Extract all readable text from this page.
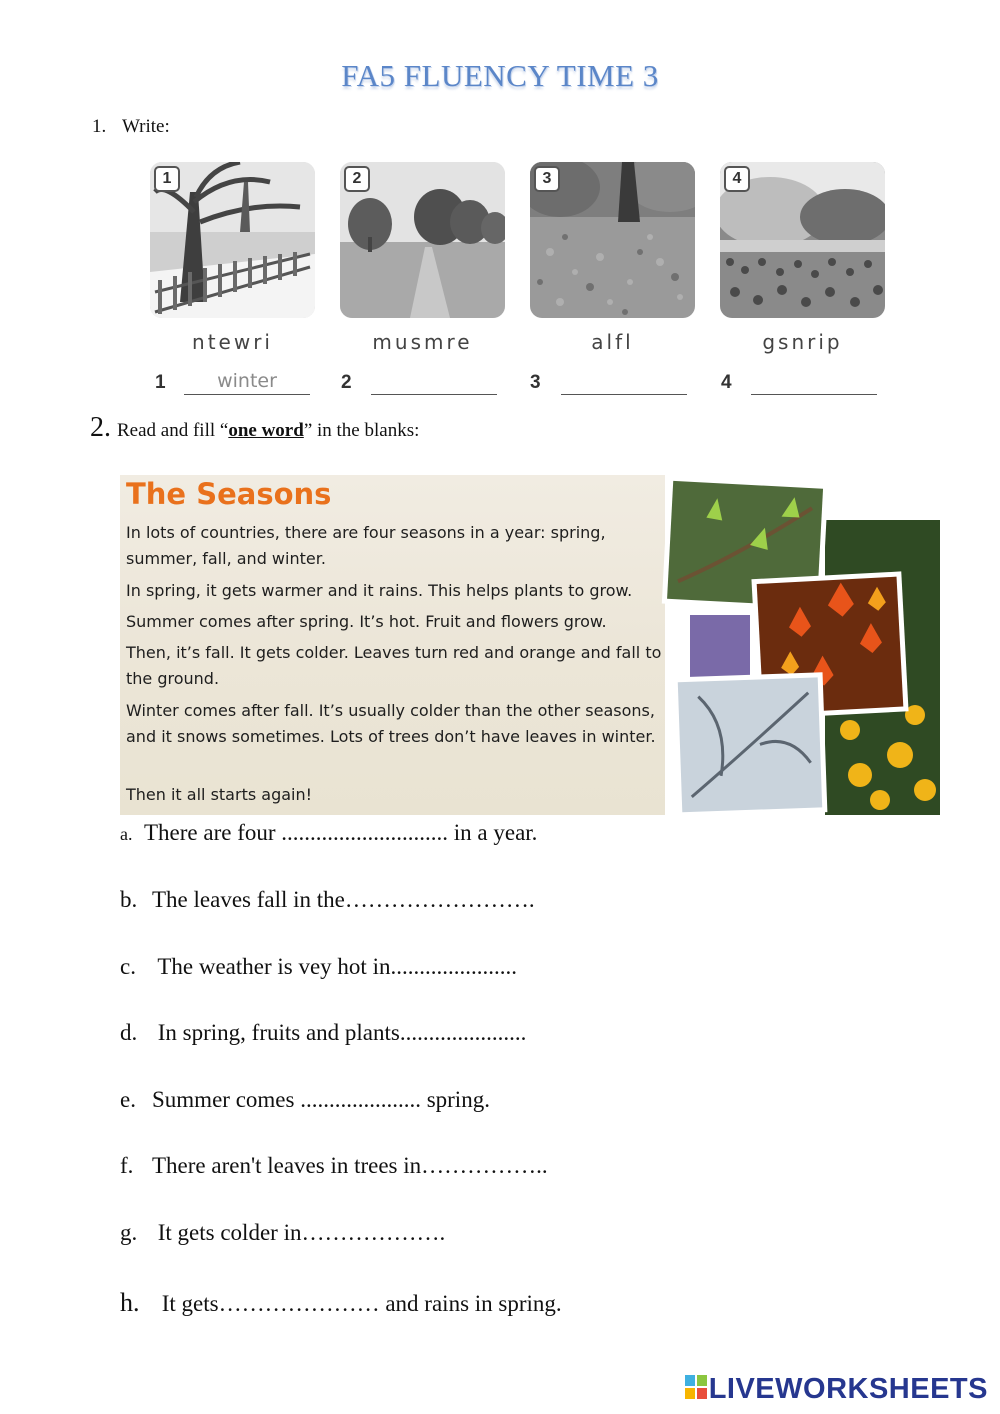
FA5 FLUENCY TIME 3
1. Write:
1	2	3	4
ntewri	musmre	alfl	gsnrip
1	winter	2	3	4
2. Read and fill “one word” in the blanks:
The Seasons

In lots of countries, there are four seasons in a year: spring, summer, fall, and winter.

In spring, it gets warmer and it rains. This helps plants to grow.

Summer comes after spring. It’s hot. Fruit and flowers grow.

Then, it’s fall. It gets colder. Leaves turn red and orange and fall to the ground.

Winter comes after fall. It’s usually colder than the other seasons, and it snows sometimes. Lots of trees don’t have leaves in winter.

Then it all starts again!

a. There are four ............................. in a year.
b. The leaves fall in the…………………….
c. The weather is vey hot in......................
d. In spring, fruits and plants......................
e. Summer comes ..................... spring.
f. There aren't leaves in trees in……………..
g. It gets colder in……………….
h. It gets………………… and rains in spring.
LIVEWORKSHEETS
